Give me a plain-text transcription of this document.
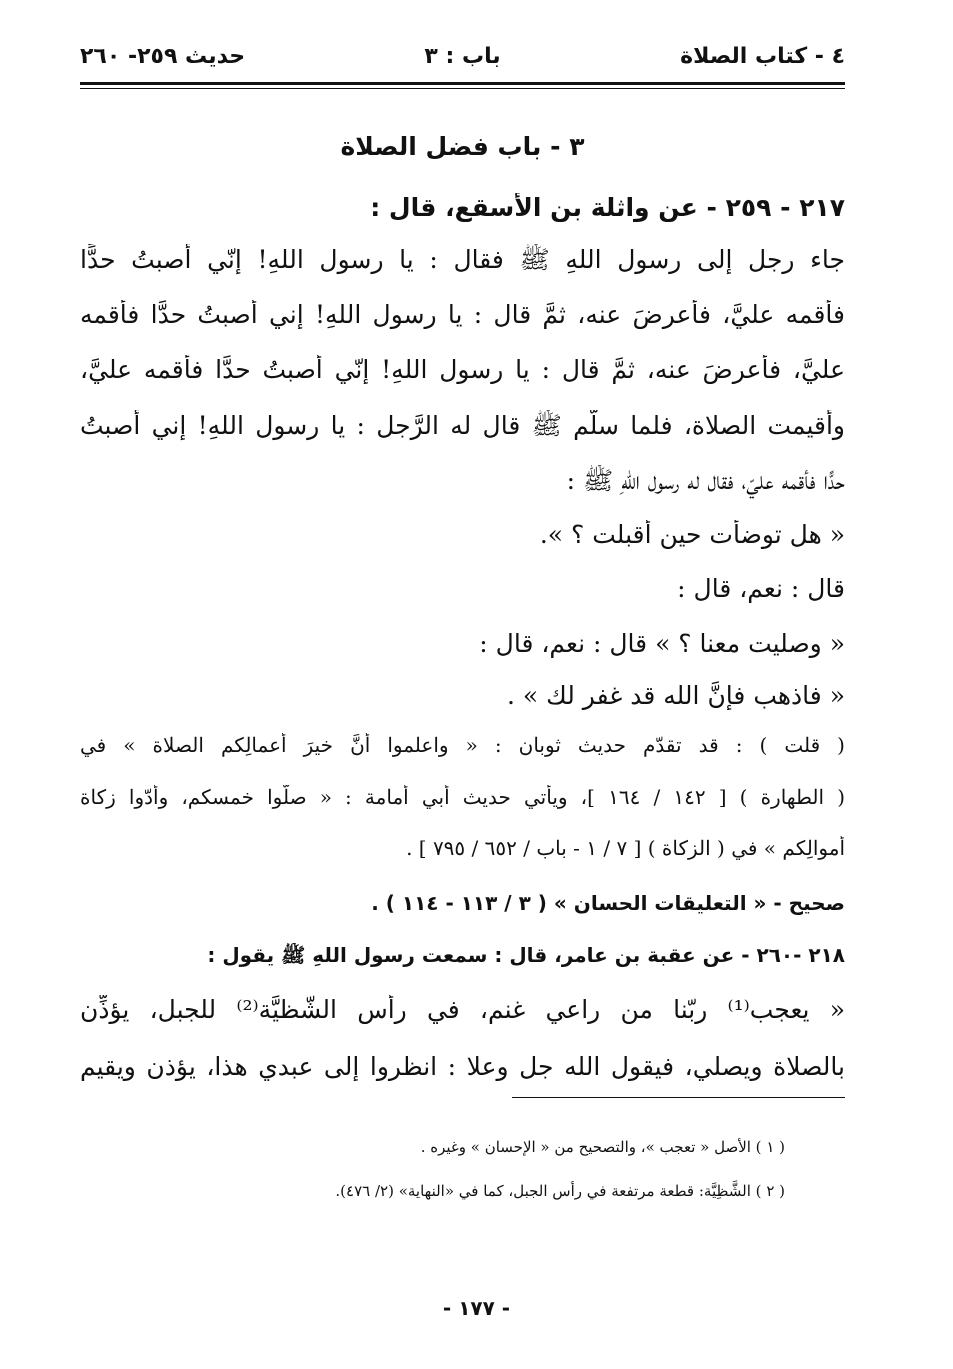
٤ - كتاب الصلاة
باب : ٣
حديث ٢٥٩- ٢٦٠
٣ - باب فضل الصلاة
٢١٧ - ٢٥٩ - عن واثلة بن الأسقع، قال :
جاء رجل إلى رسول اللهِ ﷺ فقال : يا رسول اللهِ! إنّي أصبتُ حدًّا
فأقمه عليَّ، فأعرضَ عنه، ثمَّ قال : يا رسول اللهِ! إني أصبتُ حدًّا فأقمه
عليَّ، فأعرضَ عنه، ثمَّ قال : يا رسول اللهِ! إنّي أصبتُ حدًّا فأقمه عليَّ،
وأقيمت الصلاة، فلما سلّم ﷺ قال له الرَّجل : يا رسول اللهِ! إني أصبتُ
حدًّا فأقمه عليّ، فقال له رسول اللهِ ﷺ :
« هل توضأت حين أقبلت ؟ ».
قال : نعم، قال :
« وصليت معنا ؟ » قال : نعم، قال :
« فاذهب فإنَّ الله قد غفر لك » .
( قلت ) : قد تقدّم حديث ثوبان : « واعلموا أنَّ خيرَ أعمالِكم الصلاة » في
( الطهارة ) [ ١٤٢ / ١٦٤ ]، ويأتي حديث أبي أمامة : « صلّوا خمسكم، وأدّوا زكاة
أموالِكم » في ( الزكاة ) [ ٧ / ١ - باب / ٦٥٢ / ٧٩٥ ] .
صحيح - « التعليقات الحسان » ( ٣ / ١١٣ - ١١٤ ) .
٢١٨ -٢٦٠ - عن عقبة بن عامر، قال : سمعت رسول اللهِ ﷺ يقول :
« يعجب⁽¹⁾ ربّنا من راعي غنمٍ، في رأس الشَّظيَّة⁽²⁾ للجبل، يؤذِّن
بالصلاة ويصلي، فيقول الله جل وعلا : انظروا إلى عبدي هذا، يؤذن ويقيم
( ١ ) الأصل « تعجب »، والتصحيح من « الإحسان » وغيره .
( ٢ ) الشَّظِيَّة: قطعة مرتفعة في رأس الجبل، كما في «النهاية» (٢/ ٤٧٦).
- ١٧٧ -
